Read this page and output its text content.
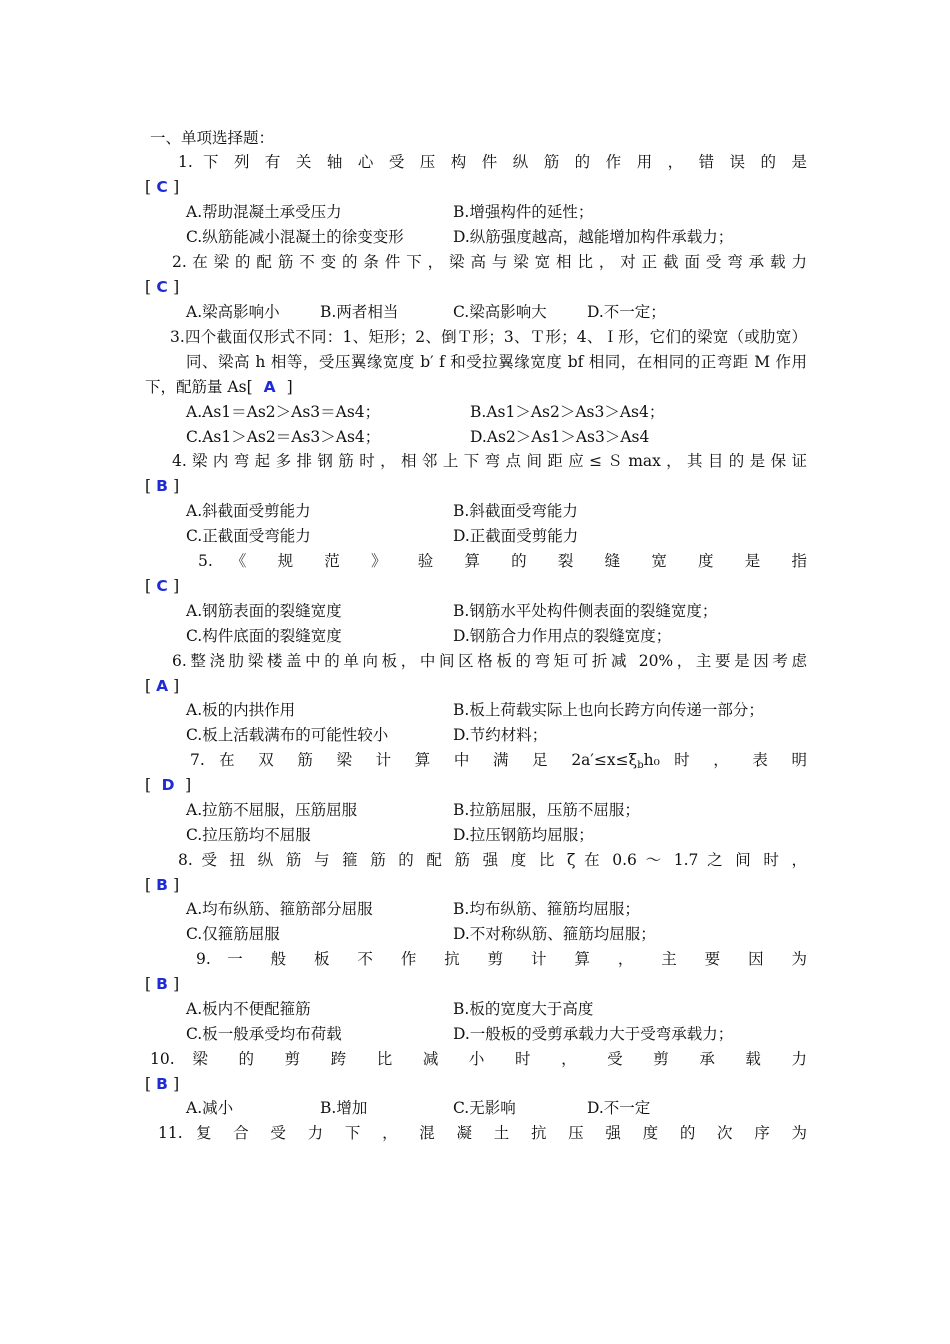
一、单项选择题：
1. 下 列 有 关 轴 心 受 压 构 件 纵 筋 的 作 用 ， 错 误 的 是
[ C ]
A.帮助混凝土承受压力	B.增强构件的延性；
C.纵筋能减小混凝土的徐变变形	D.纵筋强度越高，越能增加构件承载力；
2. 在 梁 的 配 筋 不 变 的 条 件 下 ， 梁 高 与 梁 宽 相 比 ， 对 正 截 面 受 弯 承 载 力
[ C ]
A.梁高影响小	B.两者相当	C.梁高影响大	D.不一定；
3.四个截面仅形式不同：1、矩形；2、倒Ｔ形；3、Ｔ形；4、Ｉ形，它们的梁宽（或肋宽）
同、梁高 h 相等，受压翼缘宽度 b′ f 和受拉翼缘宽度 bf 相同，在相同的正弯距 M 作用
下，配筋量 As[ A ]
A.As1＝As2＞As3＝As4；	B.As1＞As2＞As3＞As4；
C.As1＞As2＝As3＞As4；	D.As2＞As1＞As3＞As4
4. 梁 内 弯 起 多 排 钢 筋 时 ， 相 邻 上 下 弯 点 间 距 应 ≤ Ｓ max ， 其 目 的 是 保 证
[ B ]
A.斜截面受剪能力	B.斜截面受弯能力
C.正截面受弯能力	D.正截面受剪能力
5. 《 规 范 》 验 算 的 裂 缝 宽 度 是 指
[ C ]
A.钢筋表面的裂缝宽度	B.钢筋水平处构件侧表面的裂缝宽度；
C.构件底面的裂缝宽度	D.钢筋合力作用点的裂缝宽度；
6.整浇肋梁楼盖中的单向板，中间区格板的弯矩可折减 20%，主要是因考虑
[ A ]
A.板的内拱作用	B.板上荷载实际上也向长跨方向传递一部分；
C.板上活载满布的可能性较小	D.节约材料；
7. 在 双 筋 梁 计 算 中 满 足 $2a'\le x\le\xi_bh_0$ 时 ， 表 明
[ D ]
A.拉筋不屈服，压筋屈服	B.拉筋屈服，压筋不屈服；
C.拉压筋均不屈服	D.拉压钢筋均屈服；
8. 受 扭 纵 筋 与 箍 筋 的 配 筋 强 度 比 ζ 在 0.6 ～ 1.7 之 间 时 ，
[ B ]
A.均布纵筋、箍筋部分屈服	B.均布纵筋、箍筋均屈服；
C.仅箍筋屈服	D.不对称纵筋、箍筋均屈服；
9. 一 般 板 不 作 抗 剪 计 算 ， 主 要 因 为
[ B ]
A.板内不便配箍筋	B.板的宽度大于高度
C.板一般承受均布荷载	D.一般板的受剪承载力大于受弯承载力；
10. 梁 的 剪 跨 比 减 小 时 ， 受 剪 承 载 力
[ B ]
A.减小	B.增加	C.无影响	D.不一定
11. 复 合 受 力 下 ， 混 凝 土 抗 压 强 度 的 次 序 为
